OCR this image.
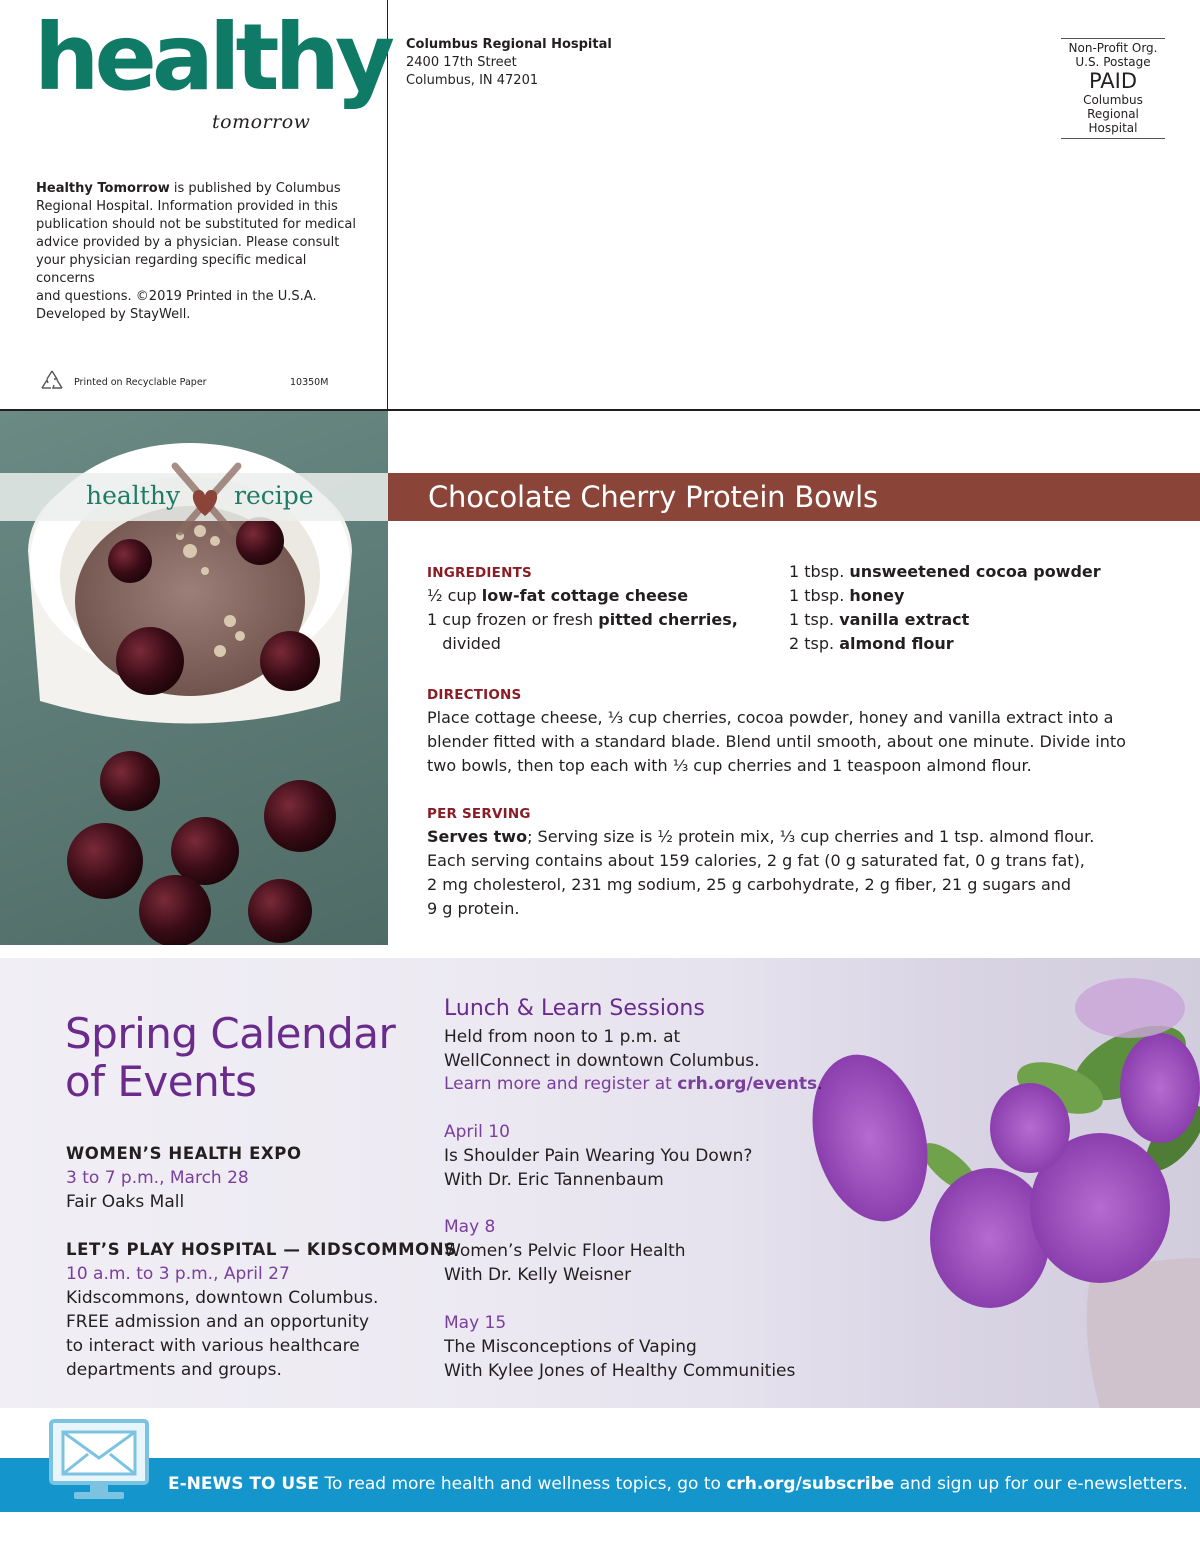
healthy
tomorrow
Healthy Tomorrow is published by Columbus
Regional Hospital. Information provided in this
publication should not be substituted for medical
advice provided by a physician. Please consult
your physician regarding specific medical concerns
and questions. ©2019 Printed in the U.S.A.
Developed by StayWell.
Printed on Recyclable Paper	10350M
Columbus Regional Hospital
2400 17th Street
Columbus, IN 47201
Non-Profit Org.
U.S. Postage
PAID
Columbus
Regional
Hospital
healthy recipe	Chocolate Cherry Protein Bowls
INGREDIENTS
½ cup low-fat cottage cheese
1 cup frozen or fresh pitted cherries,
divided
1 tbsp. unsweetened cocoa powder
1 tbsp. honey
1 tsp. vanilla extract
2 tsp. almond flour
DIRECTIONS
Place cottage cheese, ⅓ cup cherries, cocoa powder, honey and vanilla extract into a
blender fitted with a standard blade. Blend until smooth, about one minute. Divide into
two bowls, then top each with ⅓ cup cherries and 1 teaspoon almond flour.
PER SERVING
Serves two; Serving size is ½ protein mix, ⅓ cup cherries and 1 tsp. almond flour.
Each serving contains about 159 calories, 2 g fat (0 g saturated fat, 0 g trans fat),
2 mg cholesterol, 231 mg sodium, 25 g carbohydrate, 2 g fiber, 21 g sugars and
9 g protein.
Spring Calendar
of Events
WOMEN’S HEALTH EXPO
3 to 7 p.m., March 28
Fair Oaks Mall
LET’S PLAY HOSPITAL — KIDSCOMMONS
10 a.m. to 3 p.m., April 27
Kidscommons, downtown Columbus.
FREE admission and an opportunity
to interact with various healthcare
departments and groups.
Lunch & Learn Sessions
Held from noon to 1 p.m. at
WellConnect in downtown Columbus.
Learn more and register at crh.org/events.
April 10
Is Shoulder Pain Wearing You Down?
With Dr. Eric Tannenbaum
May 8
Women’s Pelvic Floor Health
With Dr. Kelly Weisner
May 15
The Misconceptions of Vaping
With Kylee Jones of Healthy Communities
E-NEWS TO USE To read more health and wellness topics, go to crh.org/subscribe and sign up for our e-newsletters.
